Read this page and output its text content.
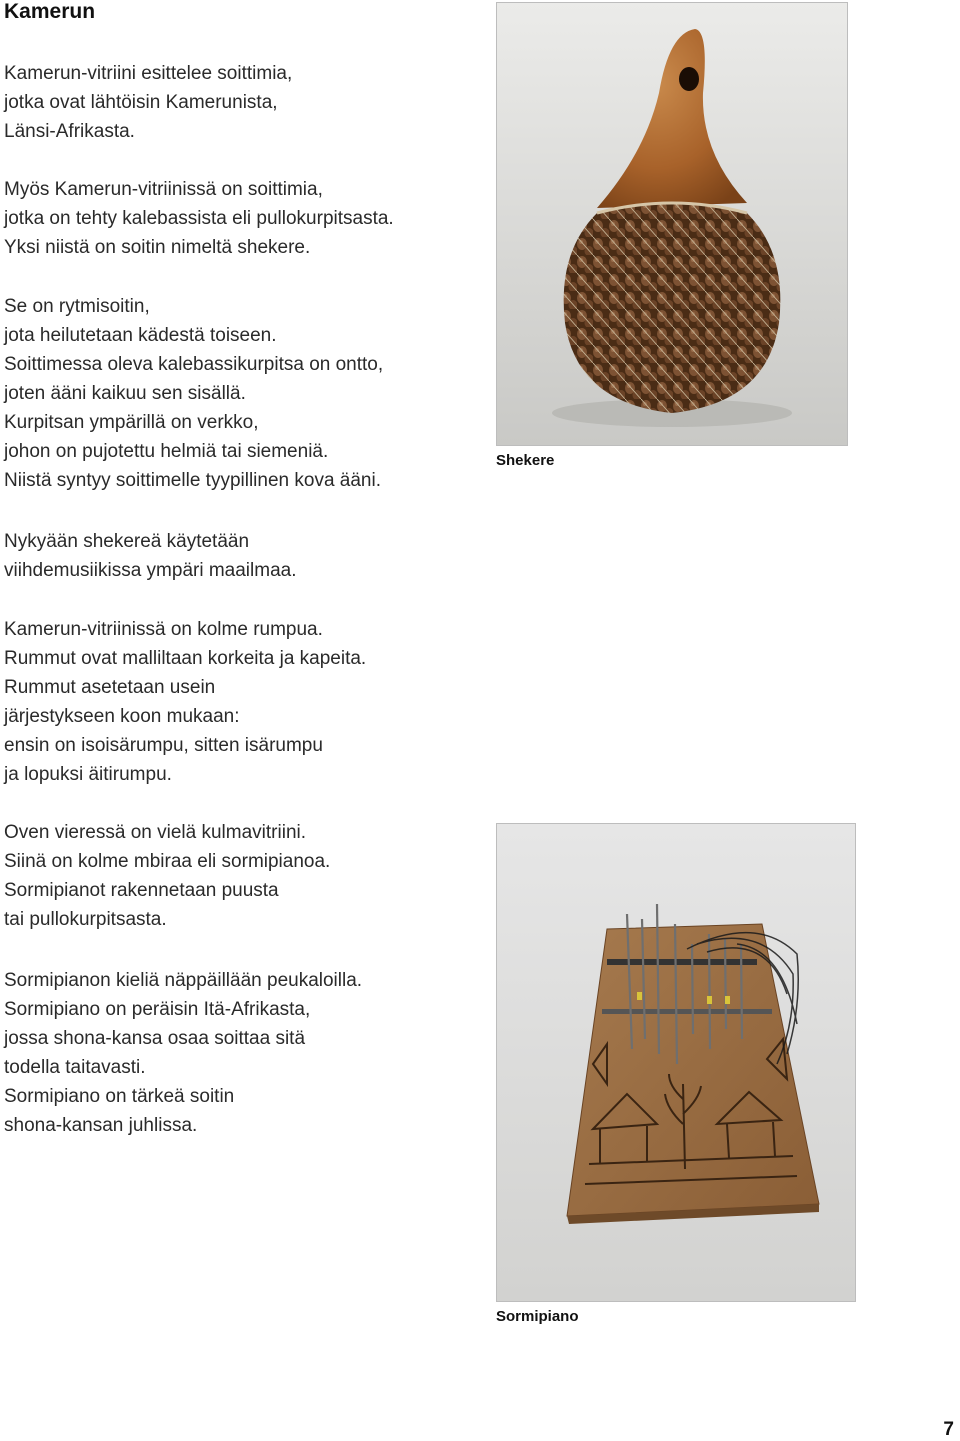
Kamerun
Kamerun-vitriini esittelee soittimia,
jotka ovat lähtöisin Kamerunista,
Länsi-Afrikasta.
Myös Kamerun-vitriinissä on soittimia,
jotka on tehty kalebassista eli pullokurpitsasta.
Yksi niistä on soitin nimeltä shekere.
Se on rytmisoitin,
jota heilutetaan kädestä toiseen.
Soittimessa oleva kalebassikurpitsa on ontto,
joten ääni kaikuu sen sisällä.
Kurpitsan ympärillä on verkko,
johon on pujotettu helmiä tai siemeniä.
Niistä syntyy soittimelle tyypillinen kova ääni.
Nykyään shekereä käytetään
viihdemusiikissa ympäri maailmaa.
Kamerun-vitriinissä on kolme rumpua.
Rummut ovat malliltaan korkeita ja kapeita.
Rummut asetetaan usein
järjestykseen koon mukaan:
ensin on isoisärumpu, sitten isärumpu
ja lopuksi äitirumpu.
Oven vieressä on vielä kulmavitriini.
Siinä on kolme mbiraa eli sormipianoa.
Sormipianot rakennetaan puusta
tai pullokurpitsasta.
Sormipianon kieliä näppäillään peukaloilla.
Sormipiano on peräisin Itä-Afrikasta,
jossa shona-kansa osaa soittaa sitä
todella taitavasti.
Sormipiano on tärkeä soitin
shona-kansan juhlissa.
Shekere
Sormipiano
7
